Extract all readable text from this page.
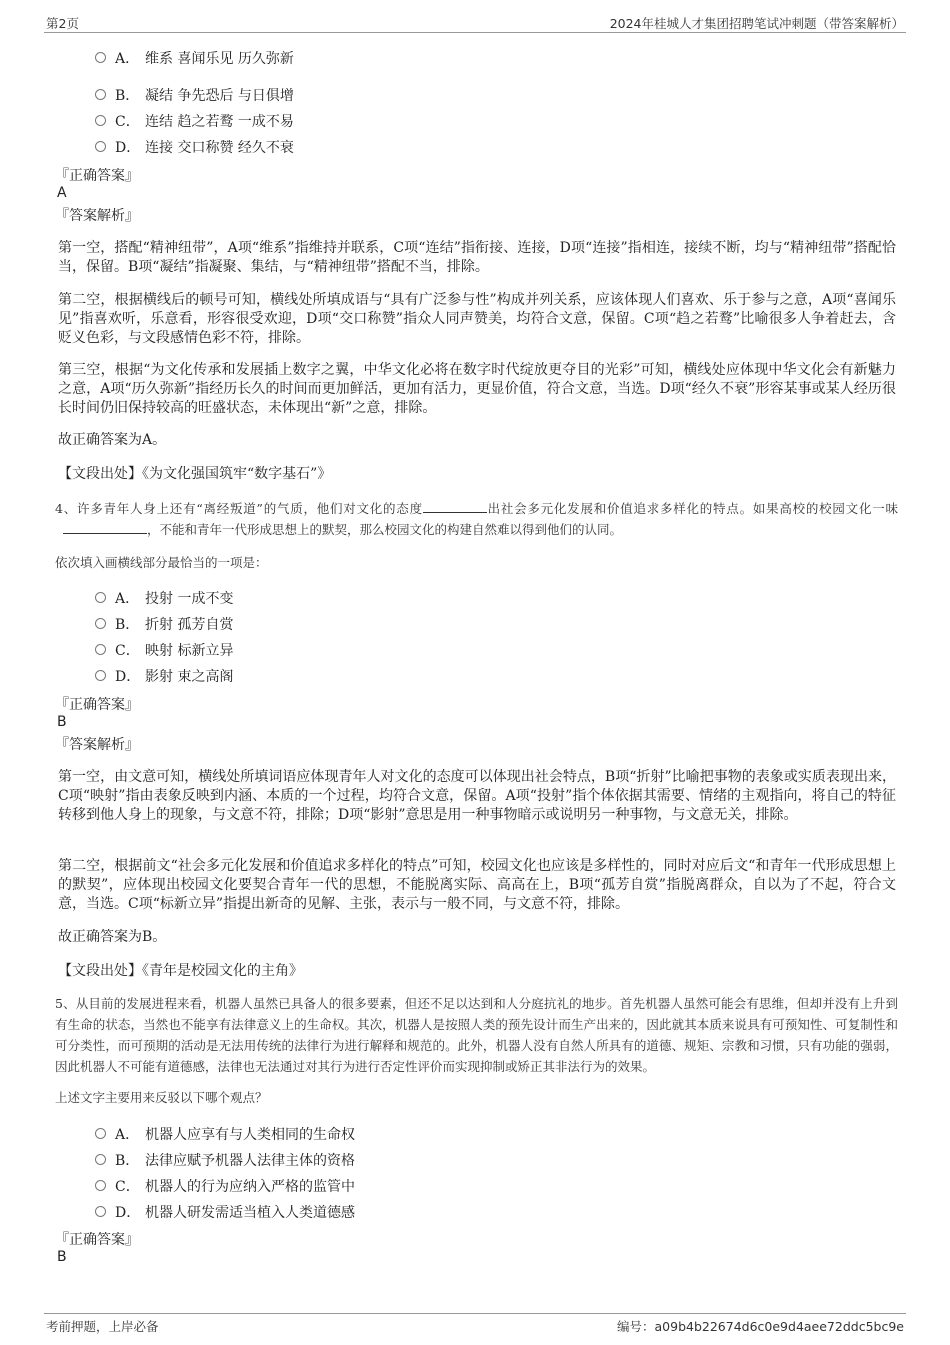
第2页	2024年桂城人才集团招聘笔试冲刺题（带答案解析）
A． 维系 喜闻乐见 历久弥新
B． 凝结 争先恐后 与日俱增
C． 连结 趋之若鹜 一成不易
D． 连接 交口称赞 经久不衰
『正确答案』
A
『答案解析』
第一空，搭配“精神纽带”，A项“维系”指维持并联系，C项“连结”指衔接、连接，D项“连接”指相连，接续不断，均与“精神纽带”搭配恰当，保留。B项“凝结”指凝聚、集结，与“精神纽带”搭配不当，排除。
第二空，根据横线后的顿号可知，横线处所填成语与“具有广泛参与性”构成并列关系，应该体现人们喜欢、乐于参与之意，A项“喜闻乐见”指喜欢听，乐意看，形容很受欢迎，D项“交口称赞”指众人同声赞美，均符合文意，保留。C项“趋之若鹜”比喻很多人争着赶去，含贬义色彩，与文段感情色彩不符，排除。
第三空，根据“为文化传承和发展插上数字之翼，中华文化必将在数字时代绽放更夺目的光彩”可知，横线处应体现中华文化会有新魅力之意，A项“历久弥新”指经历长久的时间而更加鲜活，更加有活力，更显价值，符合文意，当选。D项“经久不衰”形容某事或某人经历很长时间仍旧保持较高的旺盛状态，未体现出“新”之意，排除。
故正确答案为A。
【文段出处】《为文化强国筑牢“数字基石”》
4、许多青年人身上还有“离经叛道”的气质，他们对文化的态度	出社会多元化发展和价值追求多样化的特点。如果高校的校园文化一味，不能和青年一代形成思想上的默契，那么校园文化的构建自然难以得到他们的认同。
依次填入画横线部分最恰当的一项是：
A． 投射 一成不变
B． 折射 孤芳自赏
C． 映射 标新立异
D． 影射 束之高阁
『正确答案』
B
『答案解析』
第一空，由文意可知，横线处所填词语应体现青年人对文化的态度可以体现出社会特点，B项“折射”比喻把事物的表象或实质表现出来，C项“映射”指由表象反映到内涵、本质的一个过程，均符合文意，保留。A项“投射”指个体依据其需要、情绪的主观指向，将自己的特征转移到他人身上的现象，与文意不符，排除；D项“影射”意思是用一种事物暗示或说明另一种事物，与文意无关，排除。
第二空，根据前文“社会多元化发展和价值追求多样化的特点”可知，校园文化也应该是多样性的，同时对应后文“和青年一代形成思想上的默契”，应体现出校园文化要契合青年一代的思想，不能脱离实际、高高在上，B项“孤芳自赏”指脱离群众，自以为了不起，符合文意，当选。C项“标新立异”指提出新奇的见解、主张，表示与一般不同，与文意不符，排除。
故正确答案为B。
【文段出处】《青年是校园文化的主角》
5、从目前的发展进程来看，机器人虽然已具备人的很多要素，但还不足以达到和人分庭抗礼的地步。首先机器人虽然可能会有思维，但却并没有上升到有生命的状态，当然也不能享有法律意义上的生命权。其次，机器人是按照人类的预先设计而生产出来的，因此就其本质来说具有可预知性、可复制性和可分类性，而可预期的活动是无法用传统的法律行为进行解释和规范的。此外，机器人没有自然人所具有的道德、规矩、宗教和习惯，只有功能的强弱，因此机器人不可能有道德感，法律也无法通过对其行为进行否定性评价而实现抑制或矫正其非法行为的效果。
上述文字主要用来反驳以下哪个观点？
A． 机器人应享有与人类相同的生命权
B． 法律应赋予机器人法律主体的资格
C． 机器人的行为应纳入严格的监管中
D． 机器人研发需适当植入人类道德感
『正确答案』
B
考前押题，上岸必备	编号：a09b4b22674d6c0e9d4aee72ddc5bc9e
